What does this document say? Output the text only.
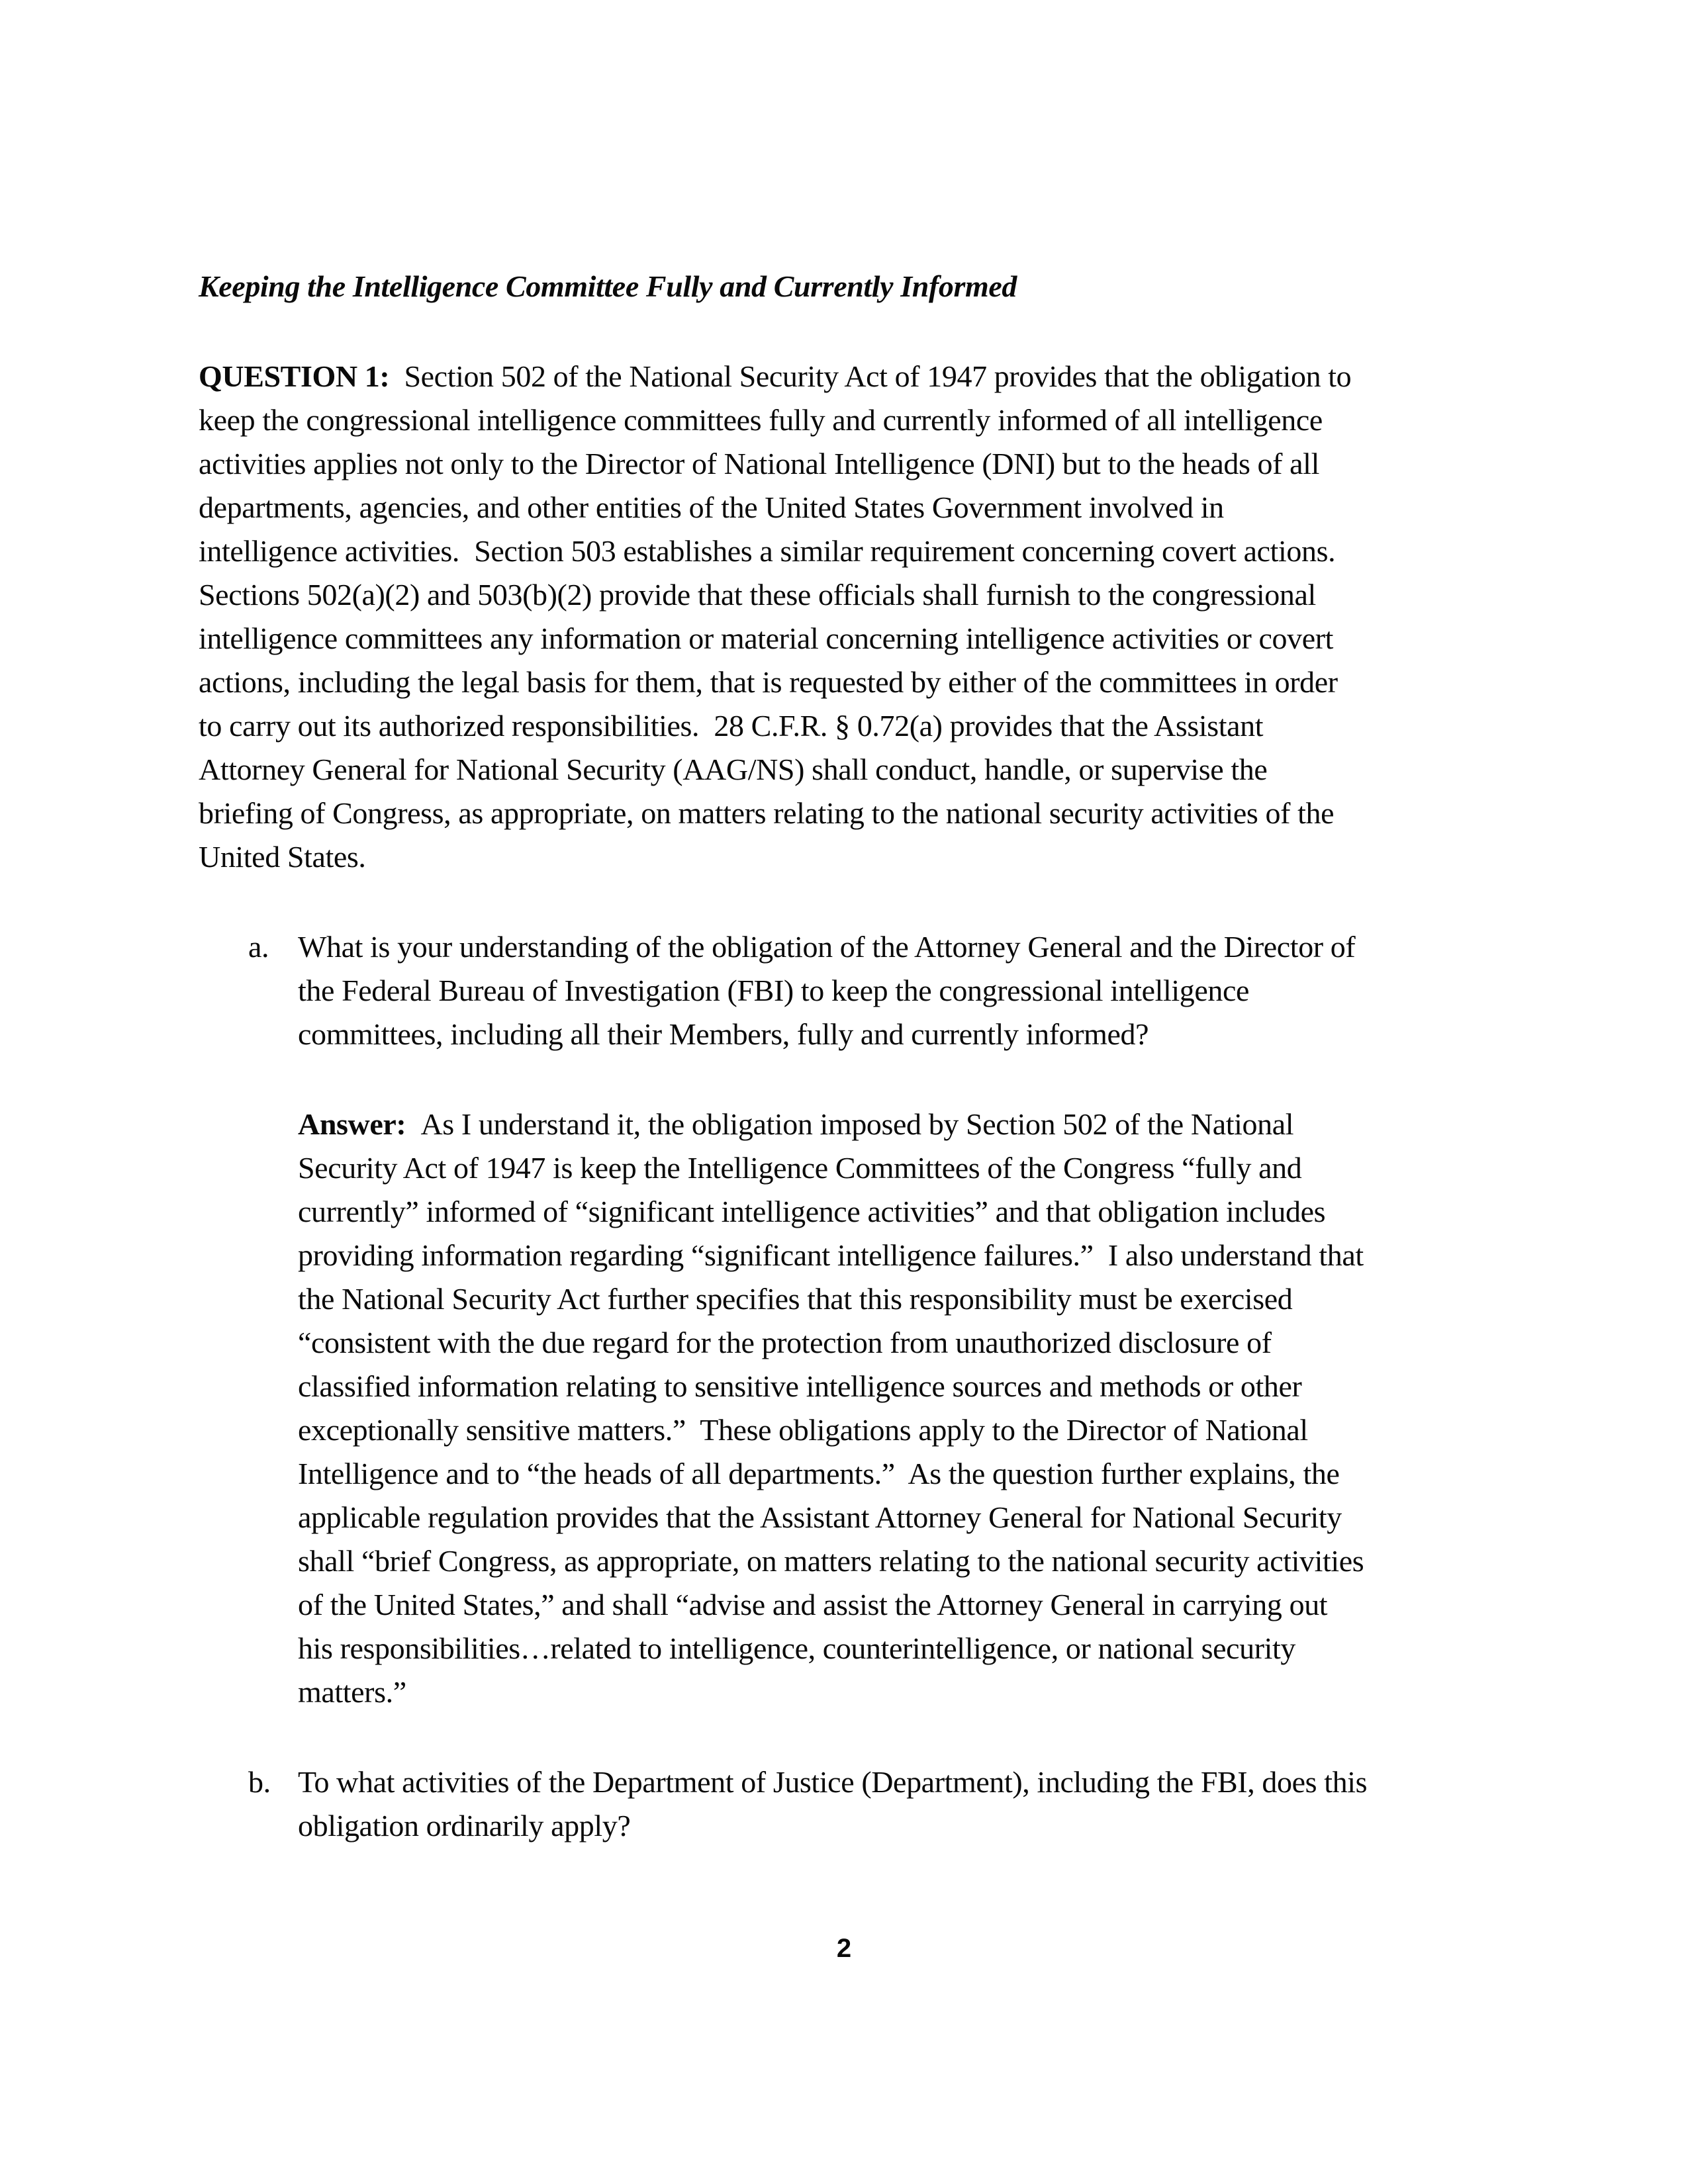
Keeping the Intelligence Committee Fully and Currently Informed

QUESTION 1: Section 502 of the National Security Act of 1947 provides that the obligation to
keep the congressional intelligence committees fully and currently informed of all intelligence
activities applies not only to the Director of National Intelligence (DNI) but to the heads of all
departments, agencies, and other entities of the United States Government involved in
intelligence activities.  Section 503 establishes a similar requirement concerning covert actions.
Sections 502(a)(2) and 503(b)(2) provide that these officials shall furnish to the congressional
intelligence committees any information or material concerning intelligence activities or covert
actions, including the legal basis for them, that is requested by either of the committees in order
to carry out its authorized responsibilities.  28 C.F.R. § 0.72(a) provides that the Assistant
Attorney General for National Security (AAG/NS) shall conduct, handle, or supervise the
briefing of Congress, as appropriate, on matters relating to the national security activities of the
United States.

a. What is your understanding of the obligation of the Attorney General and the Director of
the Federal Bureau of Investigation (FBI) to keep the congressional intelligence
committees, including all their Members, fully and currently informed?
Answer: As I understand it, the obligation imposed by Section 502 of the National
Security Act of 1947 is keep the Intelligence Committees of the Congress “fully and
currently” informed of “significant intelligence activities” and that obligation includes
providing information regarding “significant intelligence failures.”  I also understand that
the National Security Act further specifies that this responsibility must be exercised
“consistent with the due regard for the protection from unauthorized disclosure of
classified information relating to sensitive intelligence sources and methods or other
exceptionally sensitive matters.”  These obligations apply to the Director of National
Intelligence and to “the heads of all departments.”  As the question further explains, the
applicable regulation provides that the Assistant Attorney General for National Security
shall “brief Congress, as appropriate, on matters relating to the national security activities
of the United States,” and shall “advise and assist the Attorney General in carrying out
his responsibilities…related to intelligence, counterintelligence, or national security
matters.”
b. To what activities of the Department of Justice (Department), including the FBI, does this
obligation ordinarily apply?
2
